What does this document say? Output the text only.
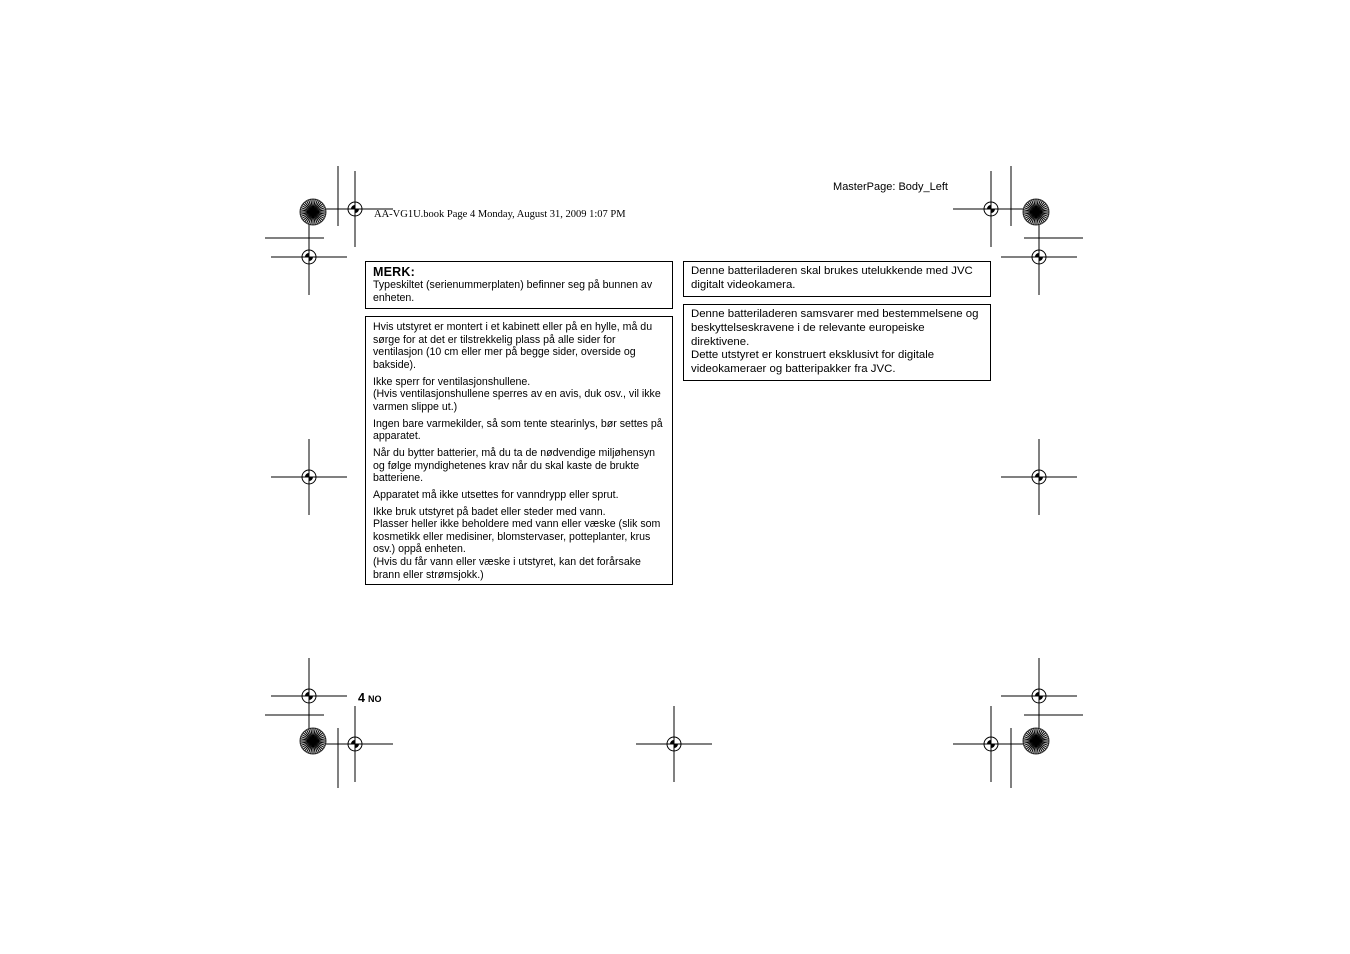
MasterPage: Body_Left
AA-VG1U.book Page 4 Monday, August 31, 2009 1:07 PM
MERK:
Typeskiltet (serienummerplaten) befinner seg på bunnen av enheten.

Hvis utstyret er montert i et kabinett eller på en hylle, må du sørge for at det er tilstrekkelig plass på alle sider for ventilasjon (10 cm eller mer på begge sider, overside og bakside).

Ikke sperr for ventilasjonshullene.
(Hvis ventilasjonshullene sperres av en avis, duk osv., vil ikke varmen slippe ut.)

Ingen bare varmekilder, så som tente stearinlys, bør settes på apparatet.

Når du bytter batterier, må du ta de nødvendige miljøhensyn og følge myndighetenes krav når du skal kaste de brukte batteriene.

Apparatet må ikke utsettes for vanndrypp eller sprut.

Ikke bruk utstyret på badet eller steder med vann.
Plasser heller ikke beholdere med vann eller væske (slik som kosmetikk eller medisiner, blomstervaser, potteplanter, krus osv.) oppå enheten.
(Hvis du får vann eller væske i utstyret, kan det forårsake brann eller strømsjokk.)

Denne batteriladeren skal brukes utelukkende med JVC digitalt videokamera.

Denne batteriladeren samsvarer med bestemmelsene og beskyttelseskravene i de relevante europeiske direktivene.

Dette utstyret er konstruert eksklusivt for digitale videokameraer og batteripakker fra JVC.

4 NO
